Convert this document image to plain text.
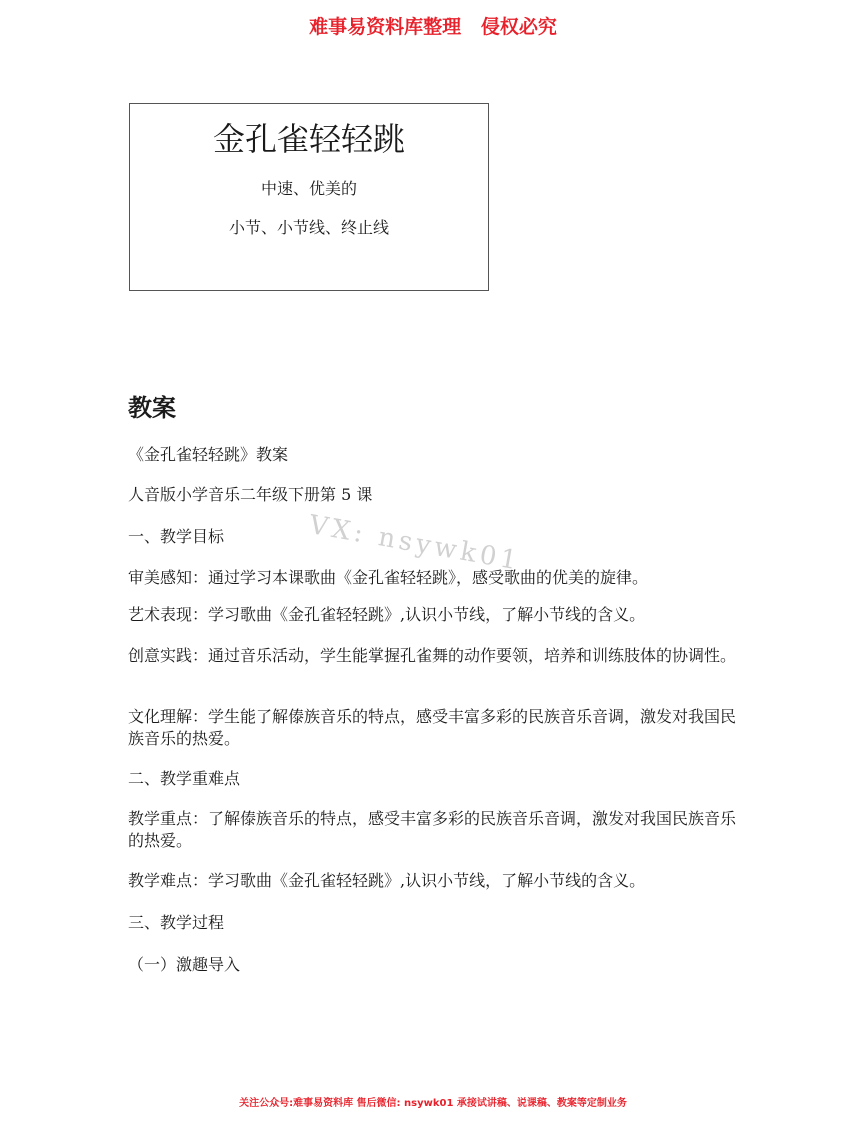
难事易资料库整理   侵权必究
金孔雀轻轻跳
中速、优美的
小节、小节线、终止线
教案
VX: nsywk01
《金孔雀轻轻跳》教案
人音版小学音乐二年级下册第 5 课
一、教学目标
审美感知：通过学习本课歌曲《金孔雀轻轻跳》，感受歌曲的优美的旋律。
艺术表现：学习歌曲《金孔雀轻轻跳》,认识小节线，了解小节线的含义。
创意实践：通过音乐活动，学生能掌握孔雀舞的动作要领，培养和训练肢体的协调性。
文化理解：学生能了解傣族音乐的特点，感受丰富多彩的民族音乐音调，激发对我国民族音乐的热爱。
二、教学重难点
教学重点：了解傣族音乐的特点，感受丰富多彩的民族音乐音调，激发对我国民族音乐的热爱。
教学难点：学习歌曲《金孔雀轻轻跳》,认识小节线，了解小节线的含义。
三、教学过程
（一）激趣导入
关注公众号:难事易资料库 售后微信: nsywk01 承接试讲稿、说课稿、教案等定制业务
